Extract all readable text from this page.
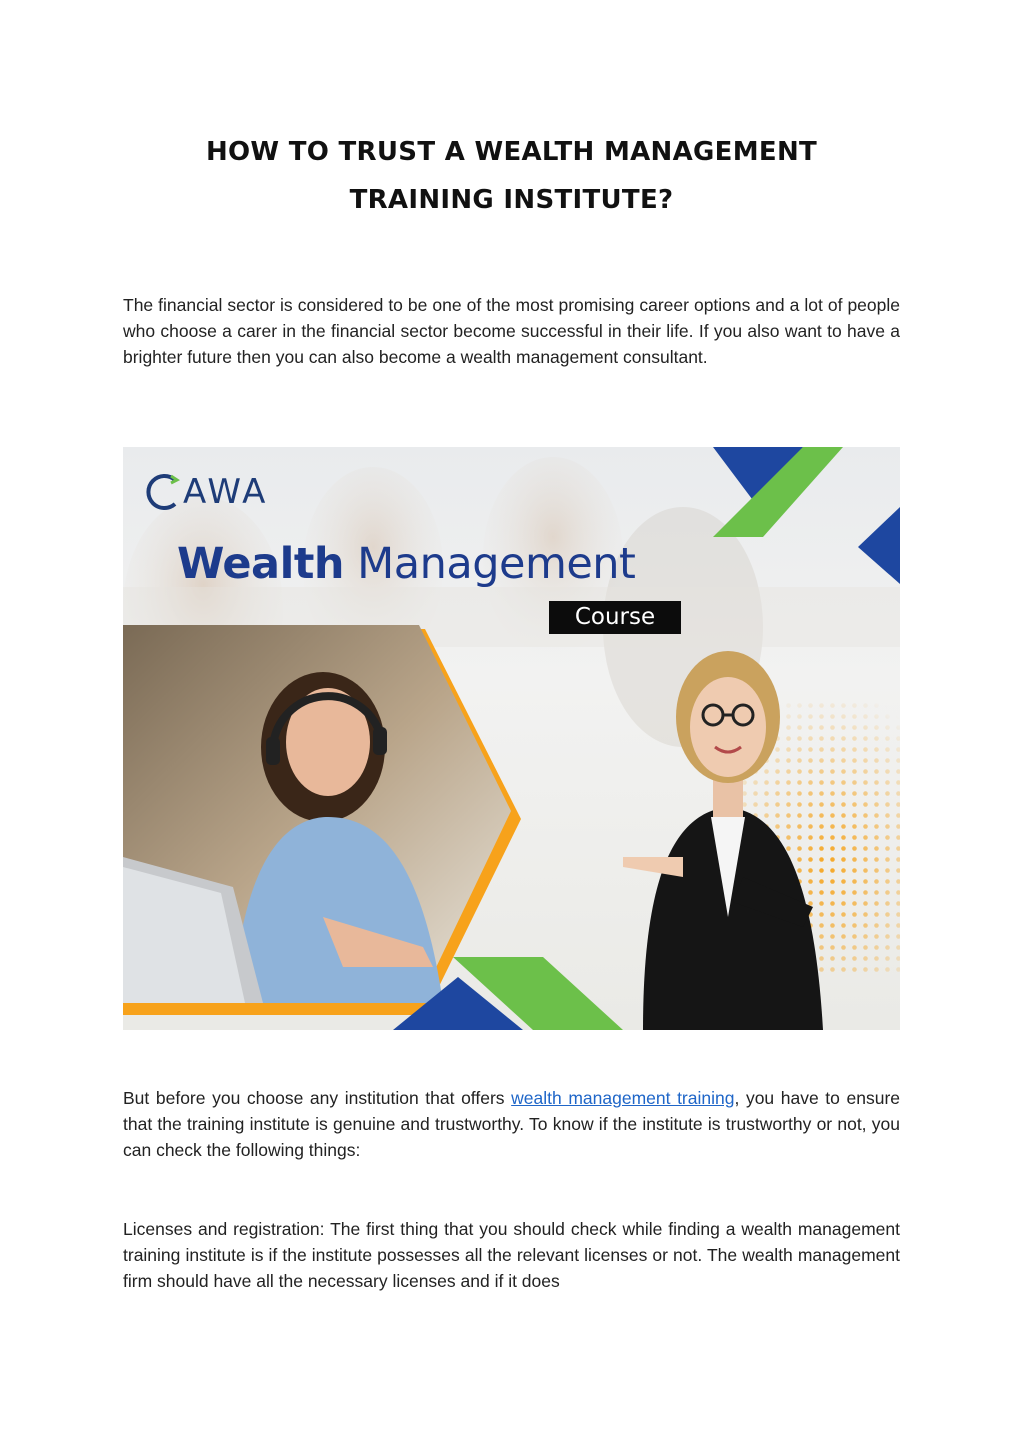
HOW TO TRUST A WEALTH MANAGEMENT
TRAINING INSTITUTE?

The financial sector is considered to be one of the most promising career options and a lot of people who choose a carer in the financial sector become successful in their life. If you also want to have a brighter future then you can also become a wealth management consultant.

AWA
Wealth Management
Course

But before you choose any institution that offers wealth management training, you have to ensure that the training institute is genuine and trustworthy. To know if the institute is trustworthy or not, you can check the following things:

Licenses and registration: The first thing that you should check while finding a wealth management training institute is if the institute possesses all the relevant licenses or not. The wealth management firm should have all the necessary licenses and if it does
